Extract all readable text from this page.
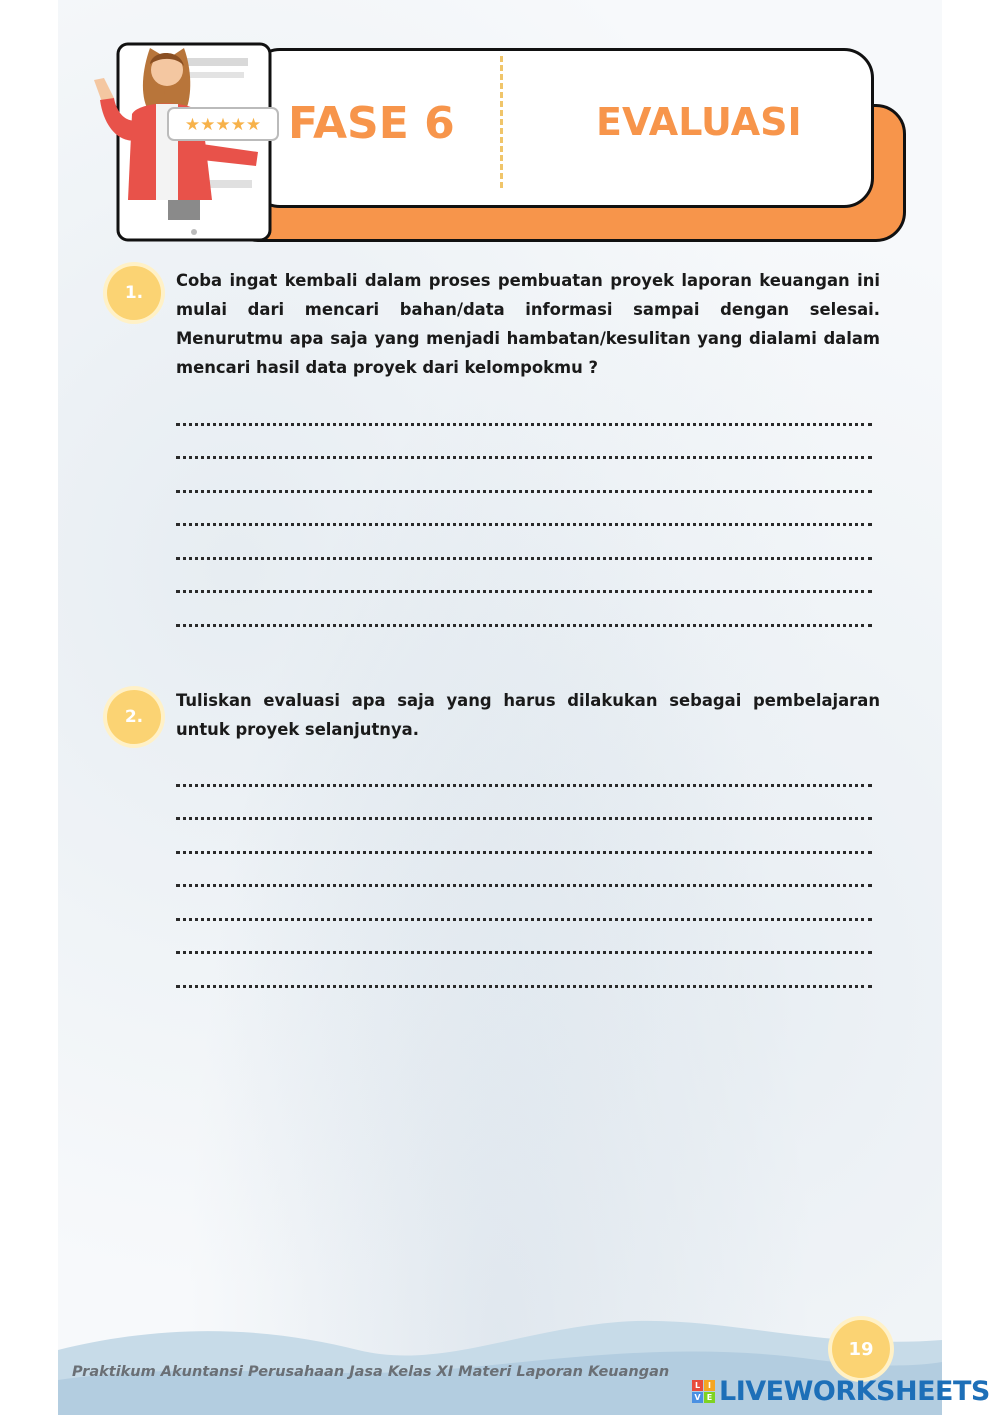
FASE 6	EVALUASI
★★★★★
1.
Coba ingat kembali dalam proses pembuatan proyek laporan keuangan ini mulai dari mencari bahan/data informasi sampai dengan selesai. Menurutmu apa saja yang menjadi hambatan/kesulitan yang dialami dalam mencari hasil data proyek dari kelompokmu ?
2.
Tuliskan evaluasi apa saja yang harus dilakukan sebagai pembelajaran untuk proyek selanjutnya.
Praktikum Akuntansi Perusahaan Jasa Kelas XI Materi Laporan Keuangan
19
L I
V E LIVEWORKSHEETS
